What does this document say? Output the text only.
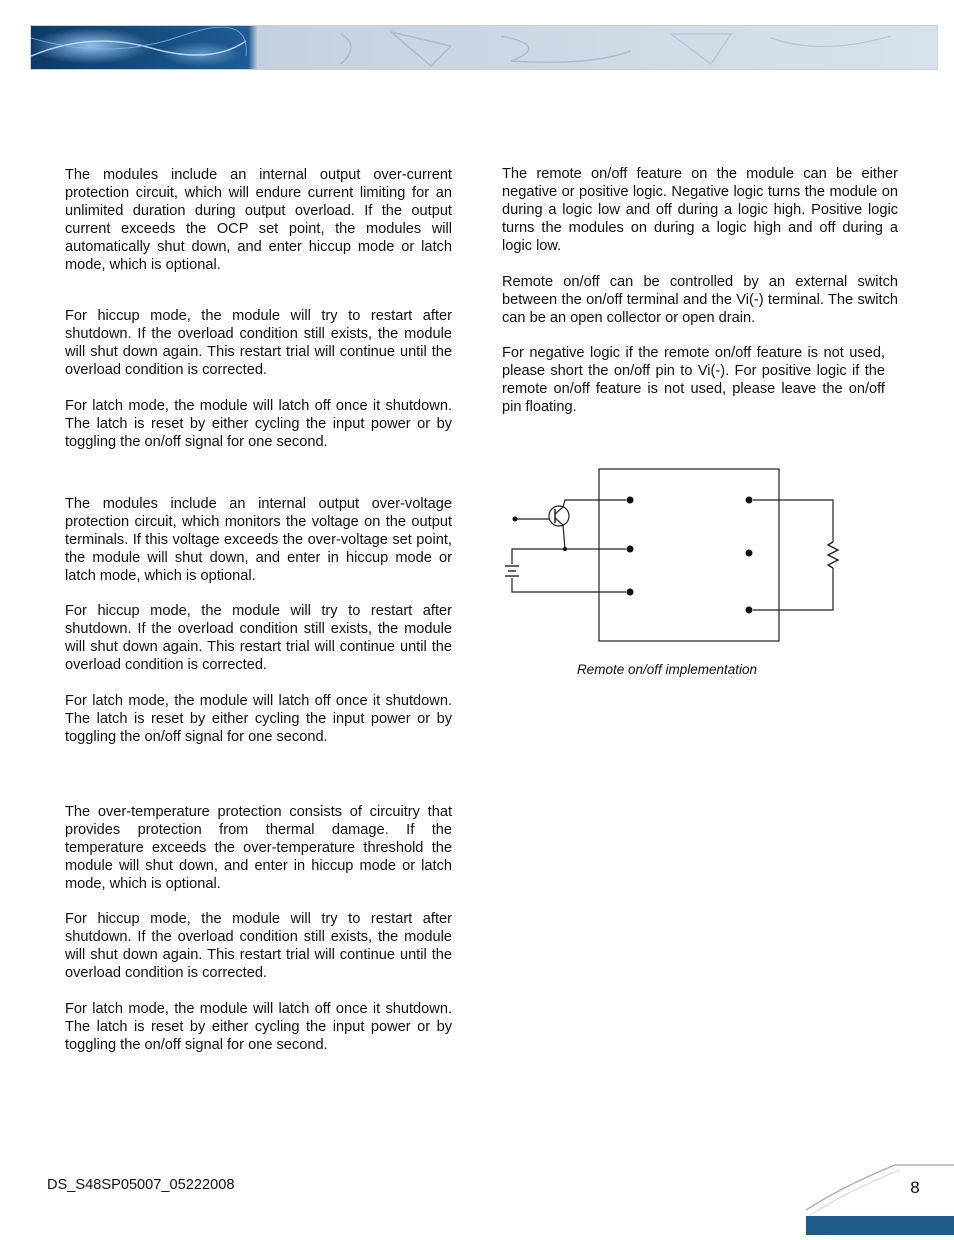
The modules include an internal output over-current protection circuit, which will endure current limiting for an unlimited duration during output overload. If the output current exceeds the OCP set point, the modules will automatically shut down, and enter hiccup mode or latch mode, which is optional.

For hiccup mode, the module will try to restart after shutdown. If the overload condition still exists, the module will shut down again. This restart trial will continue until the overload condition is corrected.

For latch mode, the module will latch off once it shutdown. The latch is reset by either cycling the input power or by toggling the on/off signal for one second.

The modules include an internal output over-voltage protection circuit, which monitors the voltage on the output terminals. If this voltage exceeds the over-voltage set point, the module will shut down, and enter in hiccup mode or latch mode, which is optional.

For hiccup mode, the module will try to restart after shutdown. If the overload condition still exists, the module will shut down again. This restart trial will continue until the overload condition is corrected.

For latch mode, the module will latch off once it shutdown. The latch is reset by either cycling the input power or by toggling the on/off signal for one second.

The over-temperature protection consists of circuitry that provides protection from thermal damage. If the temperature exceeds the over-temperature threshold the module will shut down, and enter in hiccup mode or latch mode, which is optional.

For hiccup mode, the module will try to restart after shutdown. If the overload condition still exists, the module will shut down again. This restart trial will continue until the overload condition is corrected.

For latch mode, the module will latch off once it shutdown. The latch is reset by either cycling the input power or by toggling the on/off signal for one second.

The remote on/off feature on the module can be either negative or positive logic. Negative logic turns the module on during a logic low and off during a logic high. Positive logic turns the modules on during a logic high and off during a logic low.

Remote on/off can be controlled by an external switch between the on/off terminal and the Vi(-) terminal. The switch can be an open collector or open drain.

For negative logic if the remote on/off feature is not used, please short the on/off pin to Vi(-). For positive logic if the remote on/off feature is not used, please leave the on/off pin floating.

Remote on/off implementation
DS_S48SP05007_05222008	8
